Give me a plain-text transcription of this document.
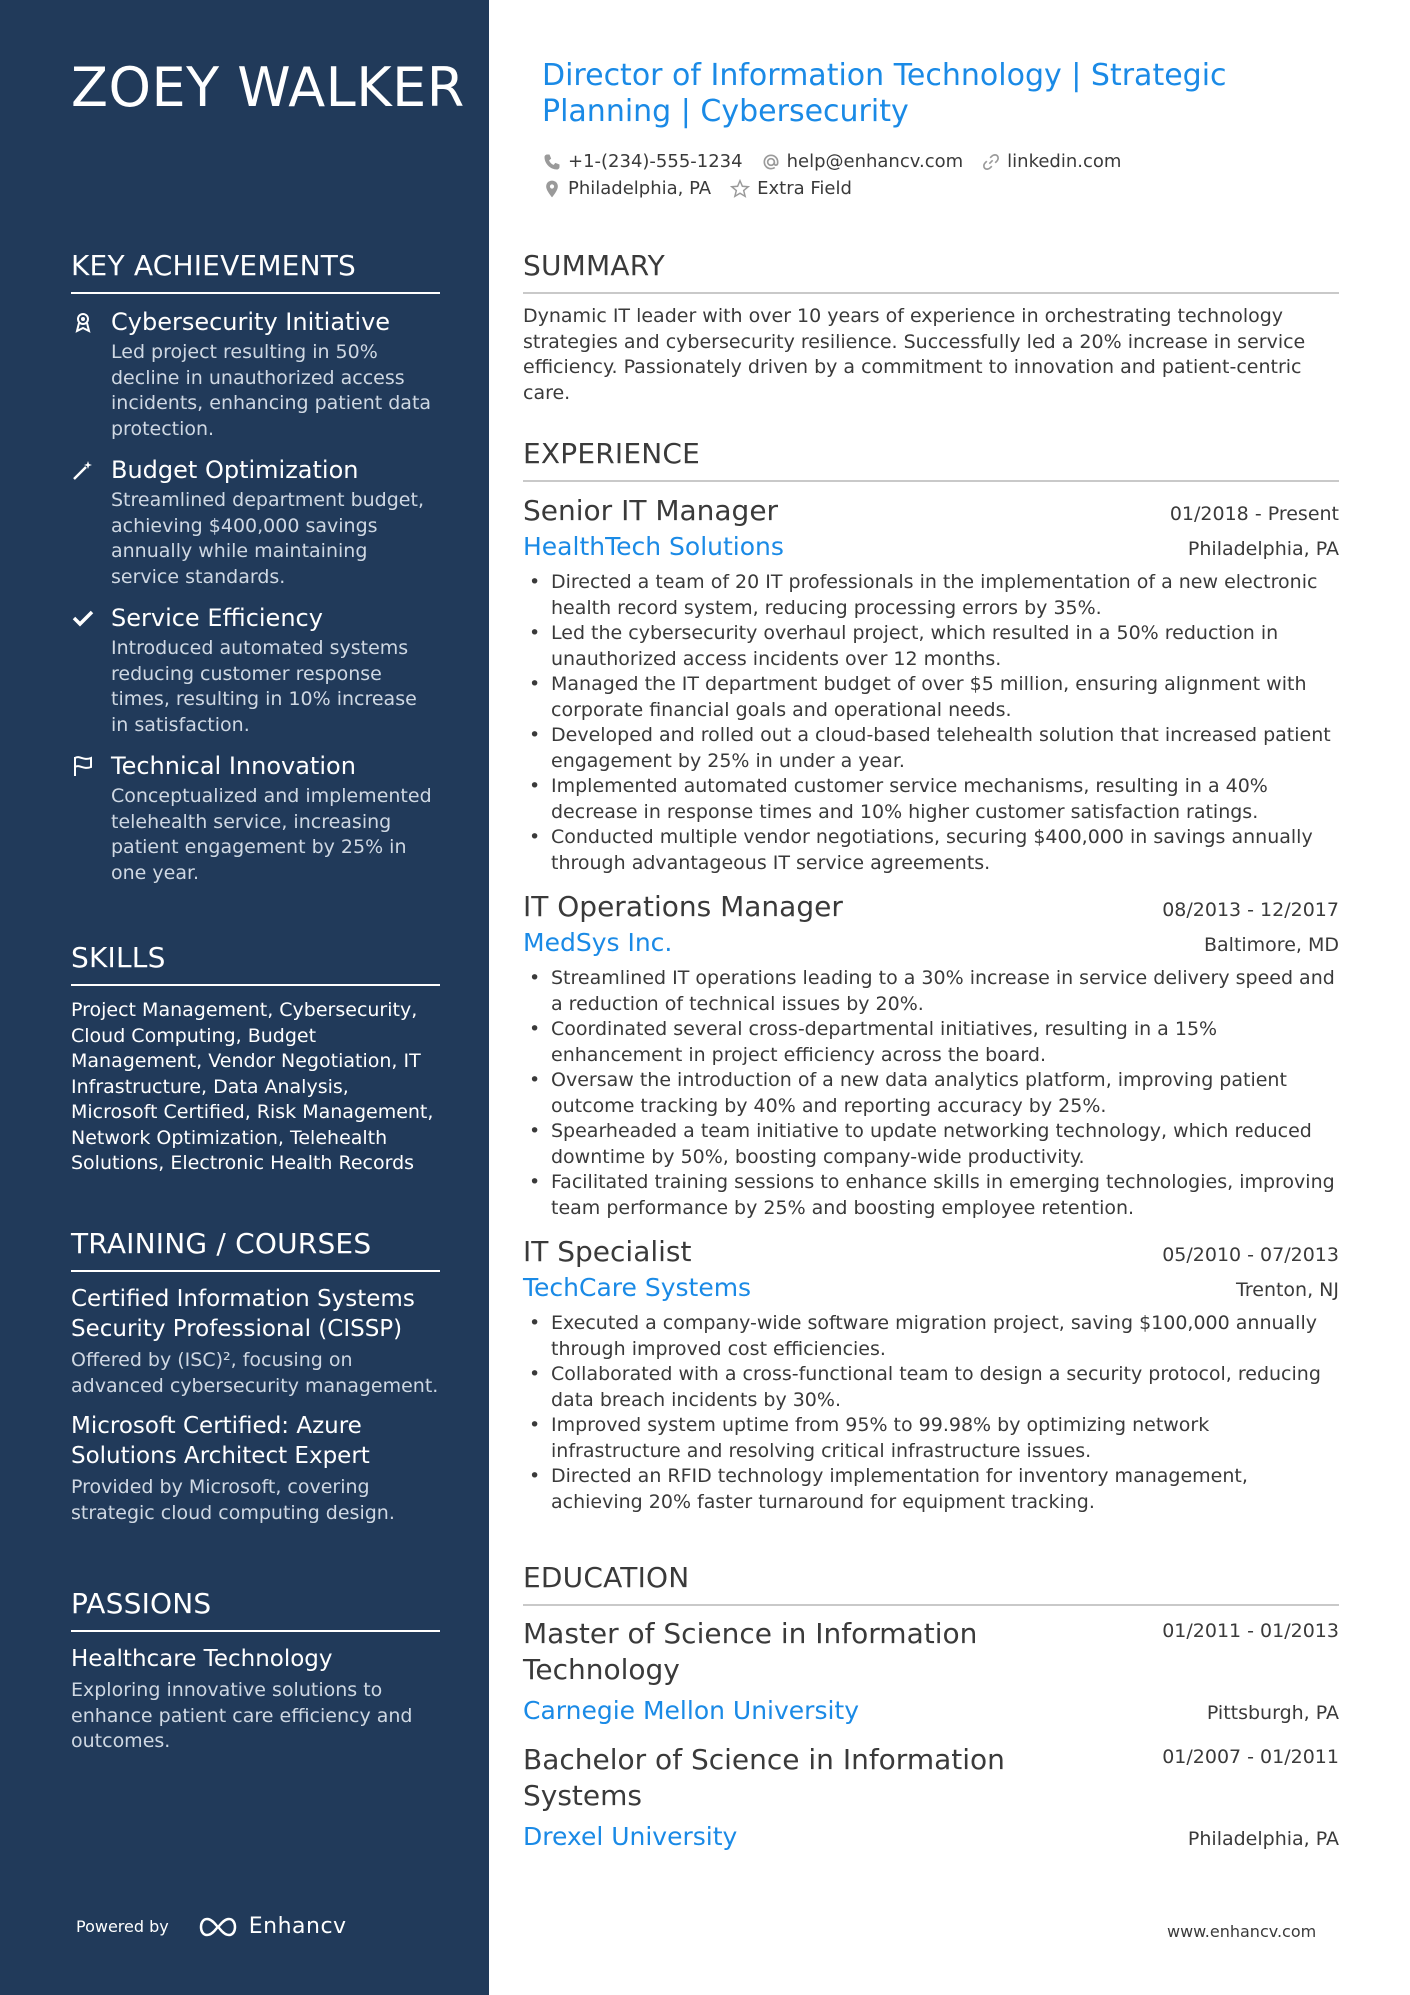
ZOEY WALKER
KEY ACHIEVEMENTS
Cybersecurity Initiative
Led project resulting in 50% decline in unauthorized access incidents, enhancing patient data protection.
Budget Optimization
Streamlined department budget, achieving $400,000 savings annually while maintaining service standards.
Service Efficiency
Introduced automated systems reducing customer response times, resulting in 10% increase in satisfaction.
Technical Innovation
Conceptualized and implemented telehealth service, increasing patient engagement by 25% in one year.
SKILLS
Project Management, Cybersecurity, Cloud Computing, Budget Management, Vendor Negotiation, IT Infrastructure, Data Analysis, Microsoft Certified, Risk Management, Network Optimization, Telehealth Solutions, Electronic Health Records
TRAINING / COURSES
Certified Information Systems Security Professional (CISSP)
Offered by (ISC)², focusing on advanced cybersecurity management.
Microsoft Certified: Azure Solutions Architect Expert
Provided by Microsoft, covering strategic cloud computing design.
PASSIONS
Healthcare Technology
Exploring innovative solutions to enhance patient care efficiency and outcomes.
Powered by	Enhancv
Director of Information Technology | Strategic Planning | Cybersecurity
+1-(234)-555-1234 help@enhancv.com linkedin.com
Philadelphia, PA	Extra Field
SUMMARY
Dynamic IT leader with over 10 years of experience in orchestrating technology strategies and cybersecurity resilience. Successfully led a 20% increase in service efficiency. Passionately driven by a commitment to innovation and patient-centric care.
EXPERIENCE
Senior IT Manager	01/2018 - Present
HealthTech Solutions	Philadelphia, PA
• Directed a team of 20 IT professionals in the implementation of a new electronic health record system, reducing processing errors by 35%.
• Led the cybersecurity overhaul project, which resulted in a 50% reduction in unauthorized access incidents over 12 months.
• Managed the IT department budget of over $5 million, ensuring alignment with corporate financial goals and operational needs.
• Developed and rolled out a cloud-based telehealth solution that increased patient engagement by 25% in under a year.
• Implemented automated customer service mechanisms, resulting in a 40% decrease in response times and 10% higher customer satisfaction ratings.
• Conducted multiple vendor negotiations, securing $400,000 in savings annually through advantageous IT service agreements.
IT Operations Manager	08/2013 - 12/2017
MedSys Inc.	Baltimore, MD
• Streamlined IT operations leading to a 30% increase in service delivery speed and a reduction of technical issues by 20%.
• Coordinated several cross-departmental initiatives, resulting in a 15% enhancement in project efficiency across the board.
• Oversaw the introduction of a new data analytics platform, improving patient outcome tracking by 40% and reporting accuracy by 25%.
• Spearheaded a team initiative to update networking technology, which reduced downtime by 50%, boosting company-wide productivity.
• Facilitated training sessions to enhance skills in emerging technologies, improving team performance by 25% and boosting employee retention.
IT Specialist	05/2010 - 07/2013
TechCare Systems	Trenton, NJ
• Executed a company-wide software migration project, saving $100,000 annually through improved cost efficiencies.
• Collaborated with a cross-functional team to design a security protocol, reducing data breach incidents by 30%.
• Improved system uptime from 95% to 99.98% by optimizing network infrastructure and resolving critical infrastructure issues.
• Directed an RFID technology implementation for inventory management, achieving 20% faster turnaround for equipment tracking.
EDUCATION
Master of Science in Information Technology
01/2011 - 01/2013
Carnegie Mellon University	Pittsburgh, PA
Bachelor of Science in Information Systems
01/2007 - 01/2011
Drexel University	Philadelphia, PA
www.enhancv.com
